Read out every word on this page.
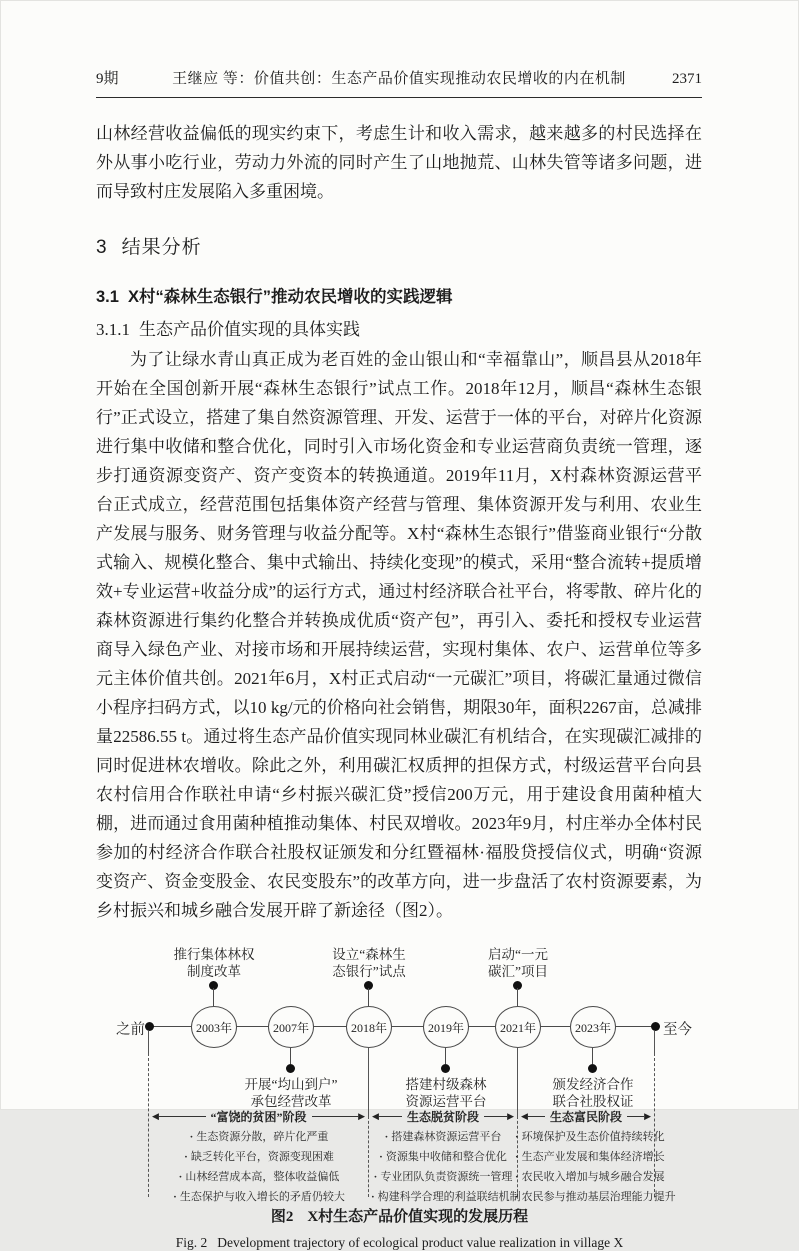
9期	王继应 等：价值共创：生态产品价值实现推动农民增收的内在机制	2371

山林经营收益偏低的现实约束下，考虑生计和收入需求，越来越多的村民选择在外从事小吃行业，劳动力外流的同时产生了山地抛荒、山林失管等诸多问题，进而导致村庄发展陷入多重困境。

3 结果分析
3.1 X村“森林生态银行”推动农民增收的实践逻辑
3.1.1 生态产品价值实现的具体实践

为了让绿水青山真正成为老百姓的金山银山和“幸福靠山”，顺昌县从2018年开始在全国创新开展“森林生态银行”试点工作。2018年12月，顺昌“森林生态银行”正式设立，搭建了集自然资源管理、开发、运营于一体的平台，对碎片化资源进行集中收储和整合优化，同时引入市场化资金和专业运营商负责统一管理，逐步打通资源变资产、资产变资本的转换通道。2019年11月，X村森林资源运营平台正式成立，经营范围包括集体资产经营与管理、集体资源开发与利用、农业生产发展与服务、财务管理与收益分配等。X村“森林生态银行”借鉴商业银行“分散式输入、规模化整合、集中式输出、持续化变现”的模式，采用“整合流转+提质增效+专业运营+收益分成”的运行方式，通过村经济联合社平台，将零散、碎片化的森林资源进行集约化整合并转换成优质“资产包”，再引入、委托和授权专业运营商导入绿色产业、对接市场和开展持续运营，实现村集体、农户、运营单位等多元主体价值共创。2021年6月，X村正式启动“一元碳汇”项目，将碳汇量通过微信小程序扫码方式，以10 kg/元的价格向社会销售，期限30年，面积2267亩，总减排量22586.55 t。通过将生态产品价值实现同林业碳汇有机结合，在实现碳汇减排的同时促进林农增收。除此之外，利用碳汇权质押的担保方式，村级运营平台向县农村信用合作联社申请“乡村振兴碳汇贷”授信200万元，用于建设食用菌种植大棚，进而通过食用菌种植推动集体、村民双增收。2023年9月，村庄举办全体村民参加的村经济合作联合社股权证颁发和分红暨福林·福股贷授信仪式，明确“资源变资产、资金变股金、农民变股东”的改革方向，进一步盘活了农村资源要素，为乡村振兴和城乡融合发展开辟了新途径（图2）。

之前	至今
推行集体林权
制度改革
设立“森林生
态银行”试点
启动“一元
碳汇”项目
开展“均山到户”
承包经营改革
搭建村级森林
资源运营平台
颁发经济合作
联合社股权证
2003年	2007年	2018年	2019年	2021年	2023年
◀	“富饶的贫困”阶段	▶ ◀	生态脱贫阶段	▶ ◀	生态富民阶段	▶
· 生态资源分散，碎片化严重
· 缺乏转化平台，资源变现困难
· 山林经营成本高，整体收益偏低
· 生态保护与收入增长的矛盾仍较大
· 搭建森林资源运营平台
· 资源集中收储和整合优化
· 专业团队负责资源统一管理
· 构建科学合理的利益联结机制
· 环境保护及生态价值持续转化
· 生态产业发展和集体经济增长
· 农民收入增加与城乡融合发展
· 农民参与推动基层治理能力提升
图2 X村生态产品价值实现的发展历程
Fig. 2 Development trajectory of ecological product value realization in village X
